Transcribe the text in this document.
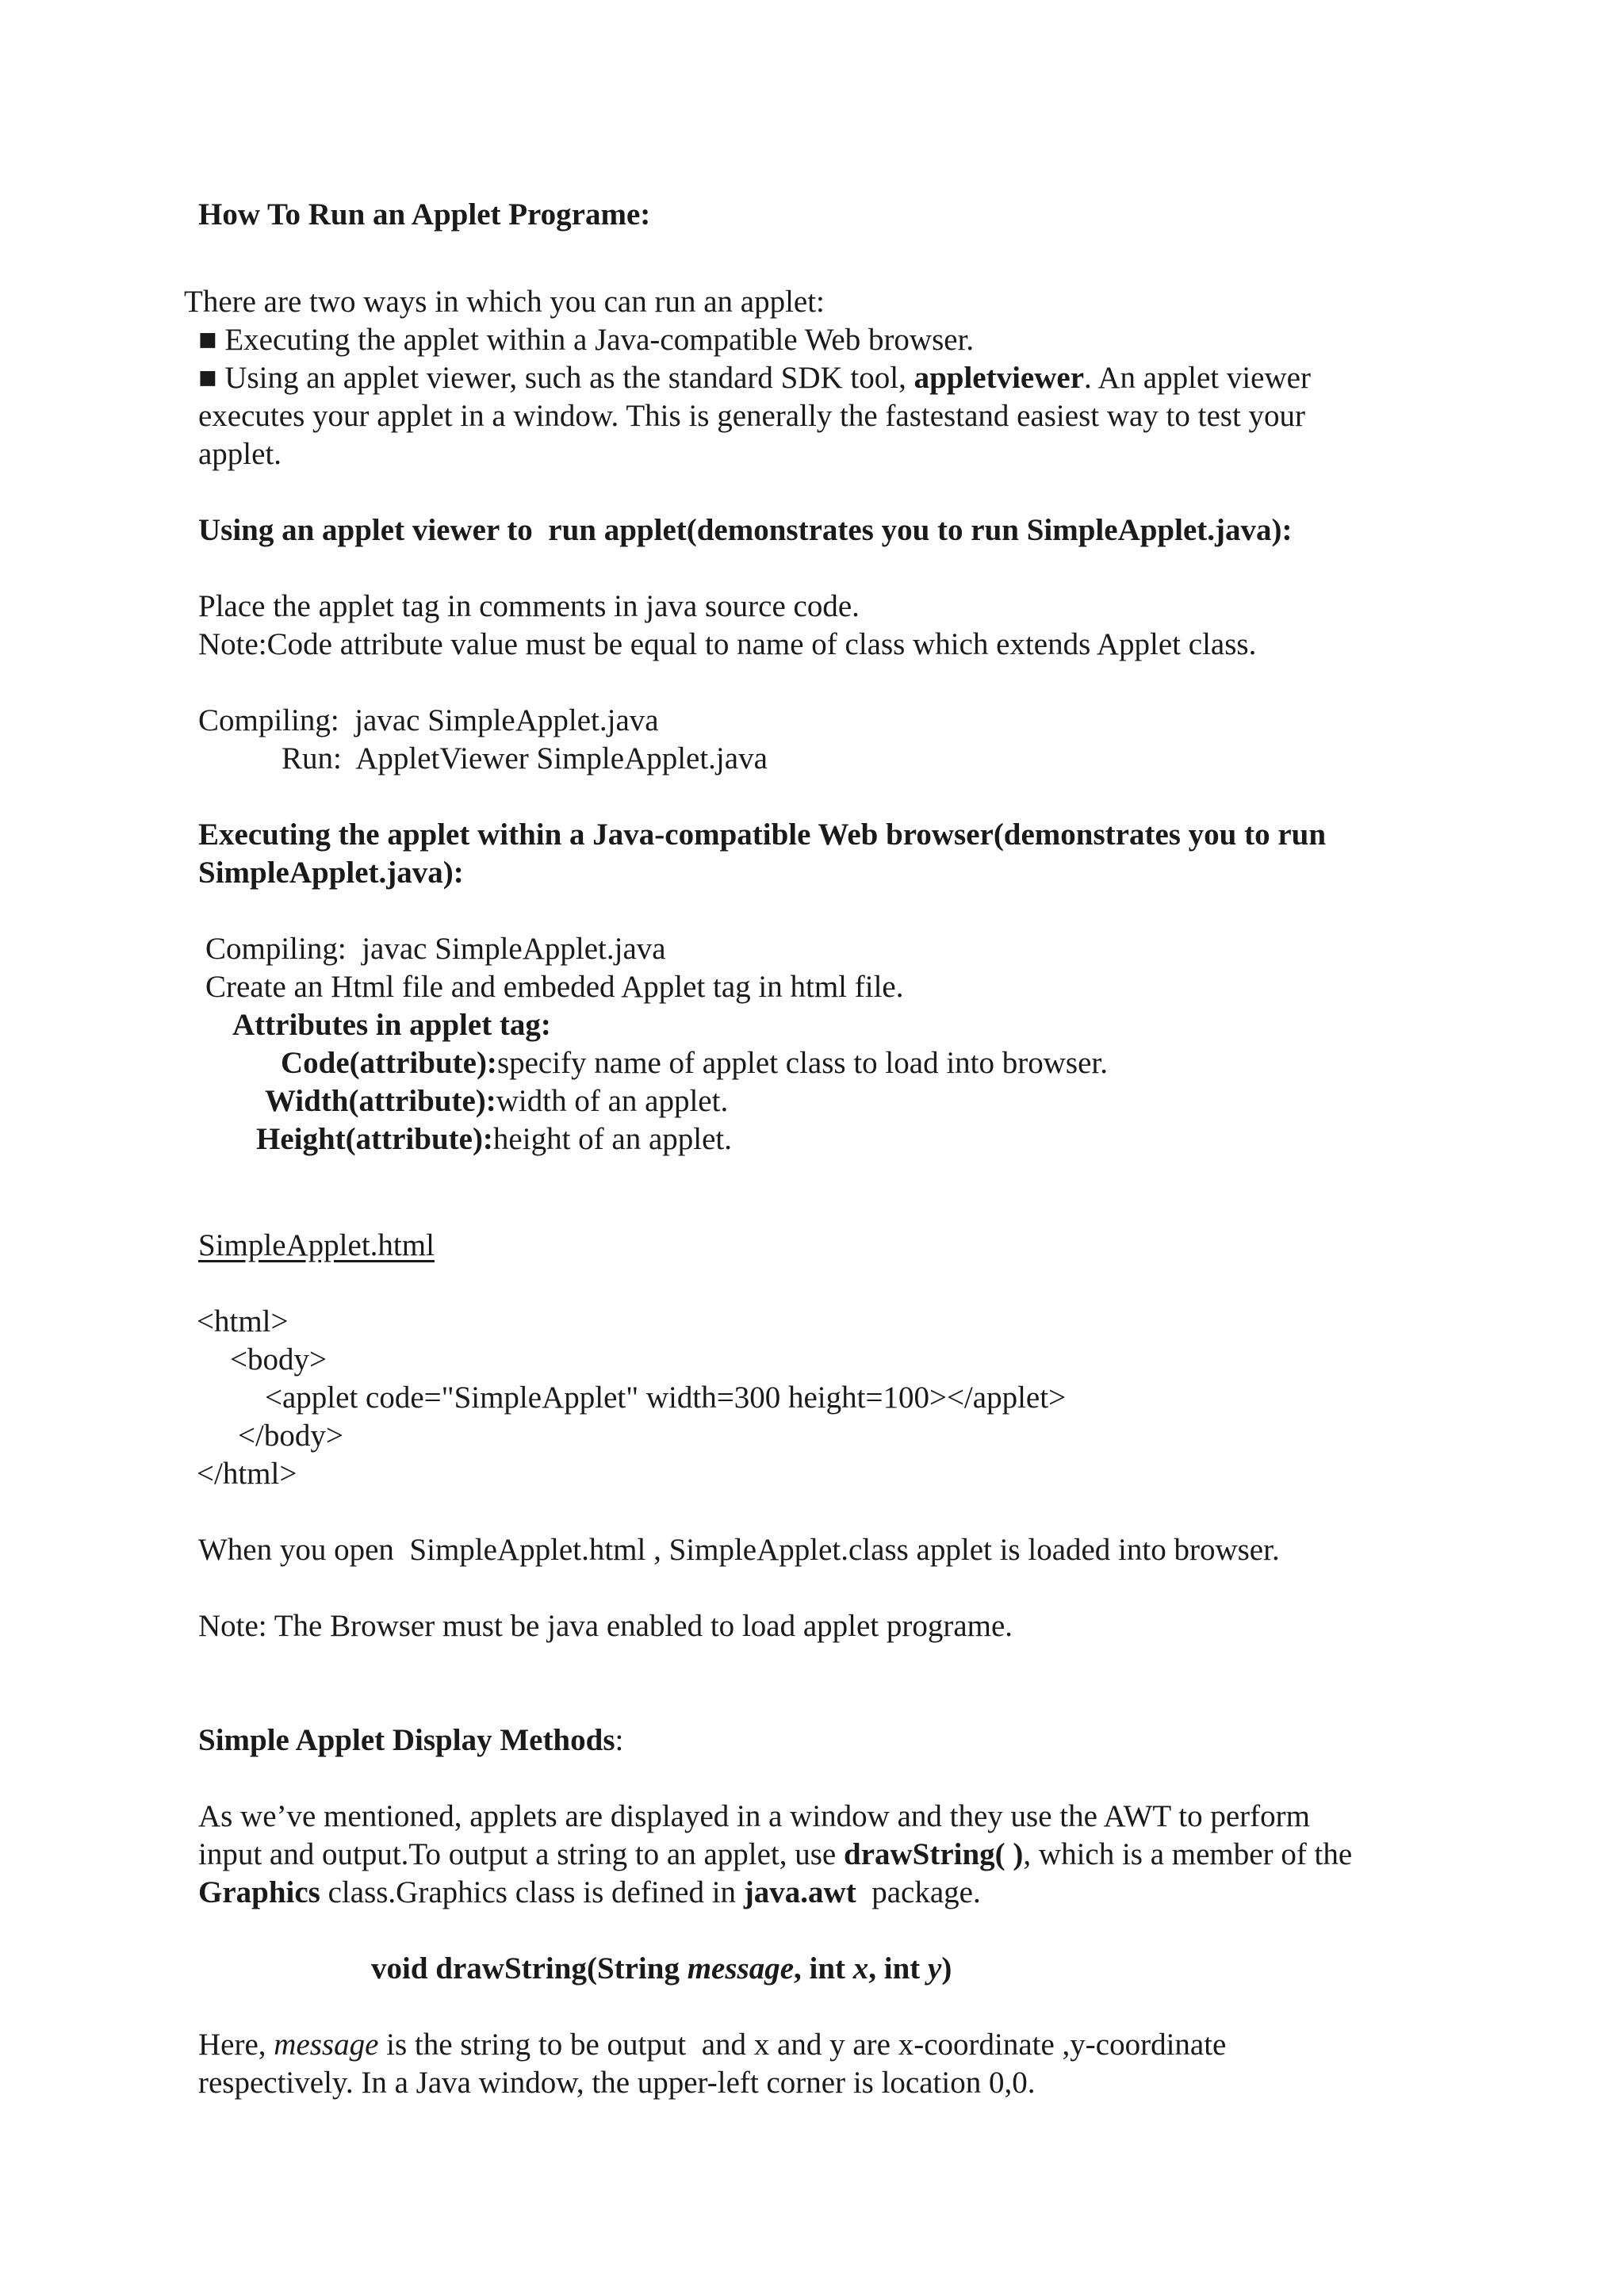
How To Run an Applet Programe:
There are two ways in which you can run an applet:
■ Executing the applet within a Java-compatible Web browser.
■ Using an applet viewer, such as the standard SDK tool, appletviewer. An applet viewer
executes your applet in a window. This is generally the fastestand easiest way to test your
applet.
Using an applet viewer to  run applet(demonstrates you to run SimpleApplet.java):
Place the applet tag in comments in java source code.
Note:Code attribute value must be equal to name of class which extends Applet class.
Compiling:  javac SimpleApplet.java
Run:  AppletViewer SimpleApplet.java
Executing the applet within a Java-compatible Web browser(demonstrates you to run
SimpleApplet.java):
Compiling:  javac SimpleApplet.java
Create an Html file and embeded Applet tag in html file.
Attributes in applet tag:
Code(attribute):specify name of applet class to load into browser.
Width(attribute):width of an applet.
Height(attribute):height of an applet.
SimpleApplet.html
<html>
<body>
<applet code="SimpleApplet" width=300 height=100></applet>
</body>
</html>
When you open  SimpleApplet.html , SimpleApplet.class applet is loaded into browser.
Note: The Browser must be java enabled to load applet programe.
Simple Applet Display Methods:
As we’ve mentioned, applets are displayed in a window and they use the AWT to perform
input and output.To output a string to an applet, use drawString( ), which is a member of the
Graphics class.Graphics class is defined in java.awt  package.
void drawString(String message, int x, int y)
Here, message is the string to be output  and x and y are x-coordinate ,y-coordinate
respectively. In a Java window, the upper-left corner is location 0,0.
